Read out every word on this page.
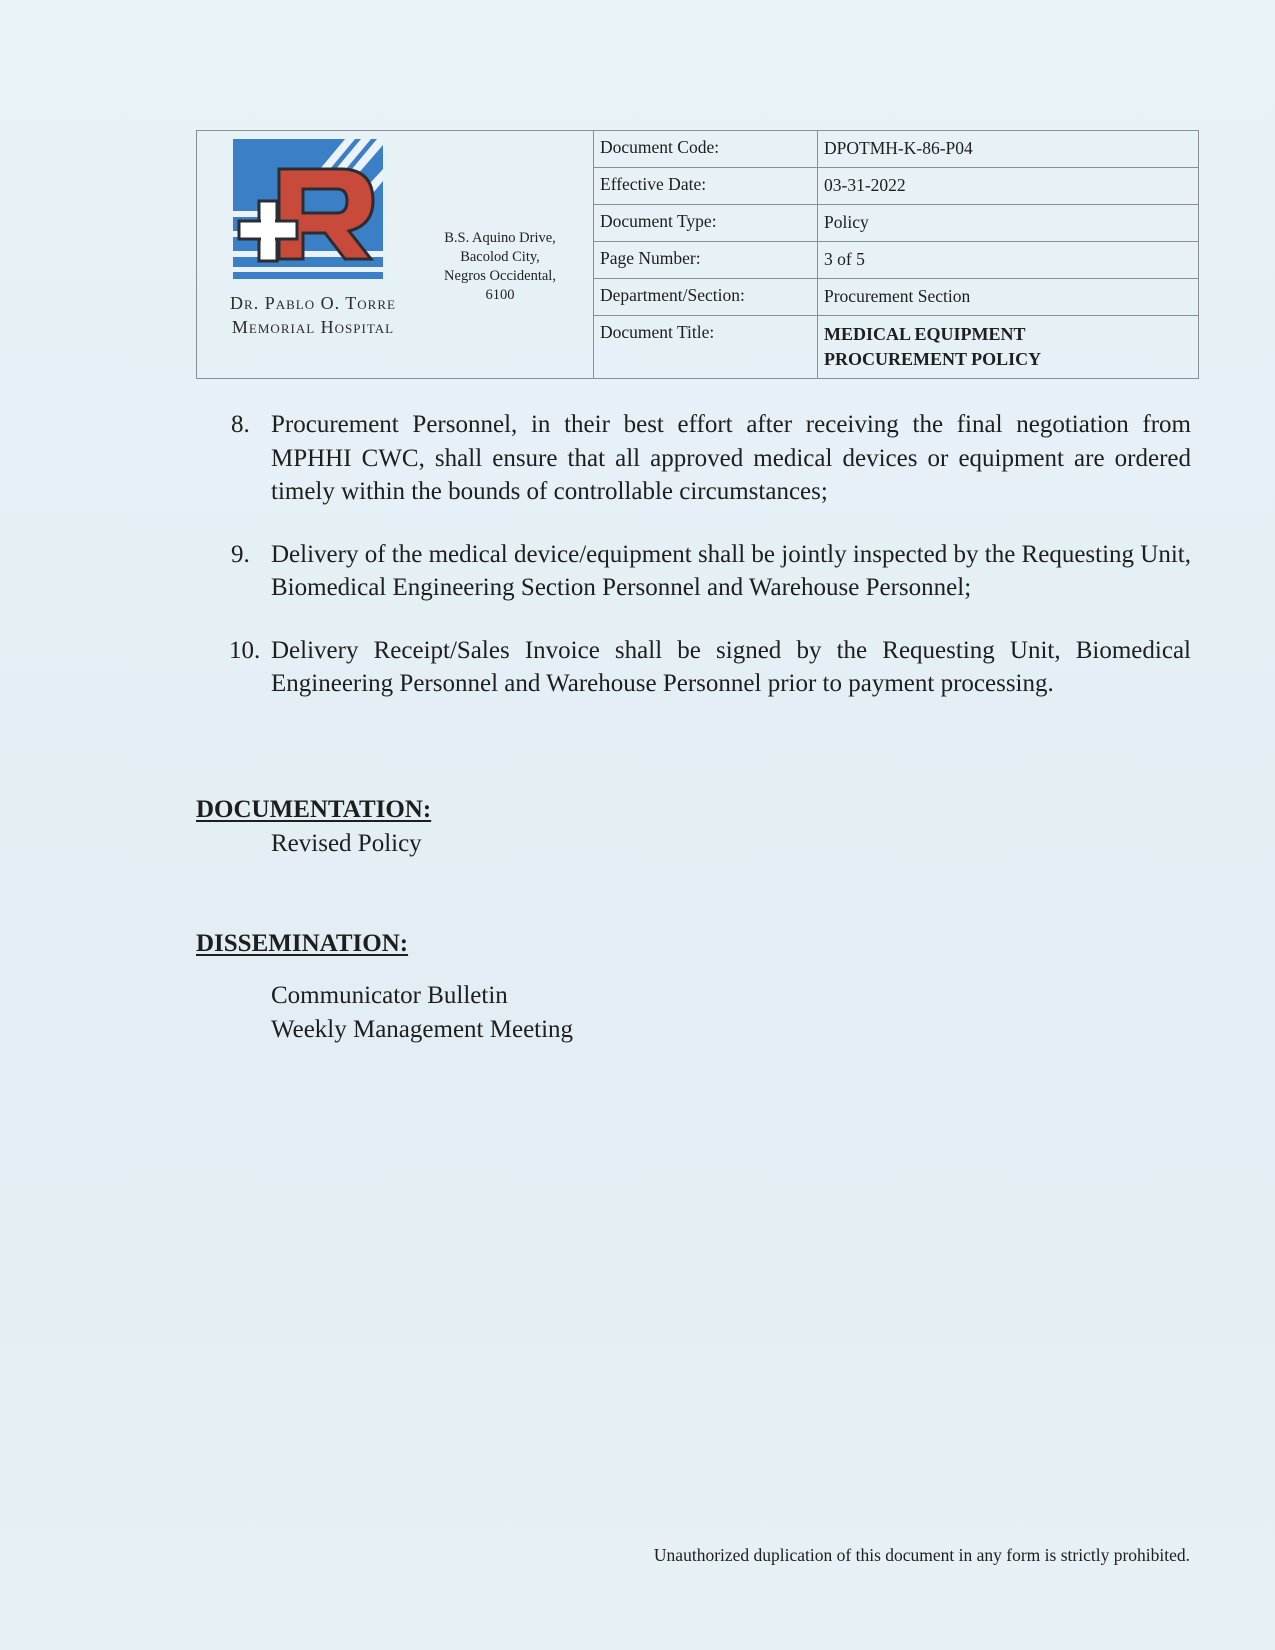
Dr. Pablo O. Torre
Memorial Hospital
B.S. Aquino Drive,
Bacolod City,
Negros Occidental,
6100
Document Code:	DPOTMH-K-86-P04
Effective Date:	03-31-2022
Document Type:	Policy
Page Number:	3 of 5
Department/Section:	Procurement Section
Document Title:	MEDICAL EQUIPMENT
PROCUREMENT POLICY
8. Procurement Personnel, in their best effort after receiving the final negotiation from MPHHI CWC, shall ensure that all approved medical devices or equipment are ordered timely within the bounds of controllable circumstances;
9. Delivery of the medical device/equipment shall be jointly inspected by the Requesting Unit, Biomedical Engineering Section Personnel and Warehouse Personnel;
10. Delivery Receipt/Sales Invoice shall be signed by the Requesting Unit, Biomedical Engineering Personnel and Warehouse Personnel prior to payment processing.
DOCUMENTATION:
Revised Policy
DISSEMINATION:
Communicator Bulletin
Weekly Management Meeting
Unauthorized duplication of this document in any form is strictly prohibited.
